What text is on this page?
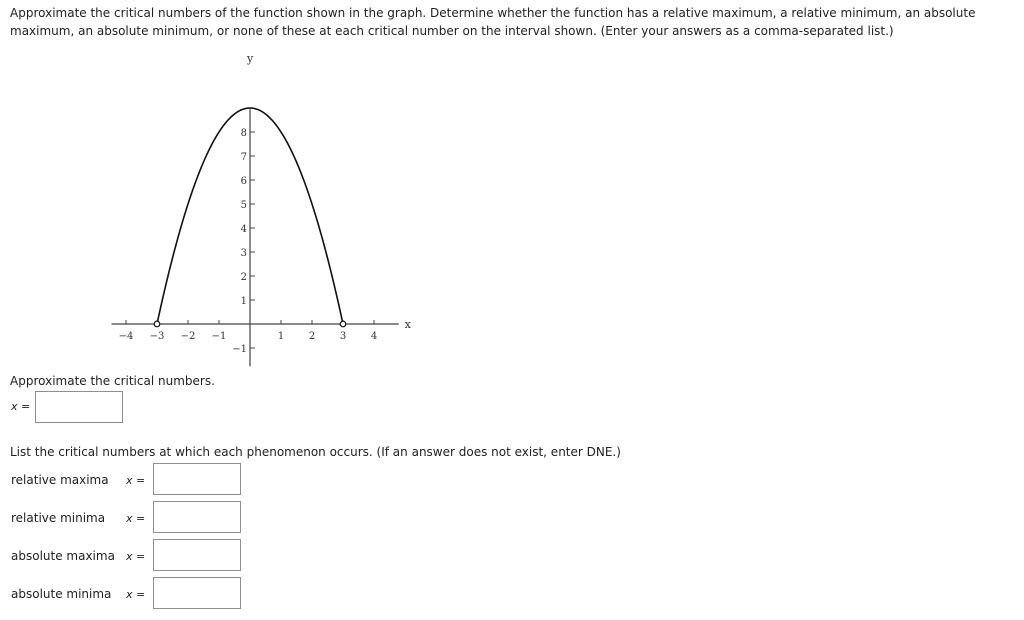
Approximate the critical numbers of the function shown in the graph. Determine whether the function has a relative maximum, a relative minimum, an absolute maximum, an absolute minimum, or none of these at each critical number on the interval shown. (Enter your answers as a comma-separated list.)
x
y
−4 −3 −2 −1	1 2 3 4
−1
1
2
3
4
5
6
7
8
Approximate the critical numbers.
x =
List the critical numbers at which each phenomenon occurs. (If an answer does not exist, enter DNE.)
relative maxima x =
relative minima x =
absolute maxima x =
absolute minima x =
